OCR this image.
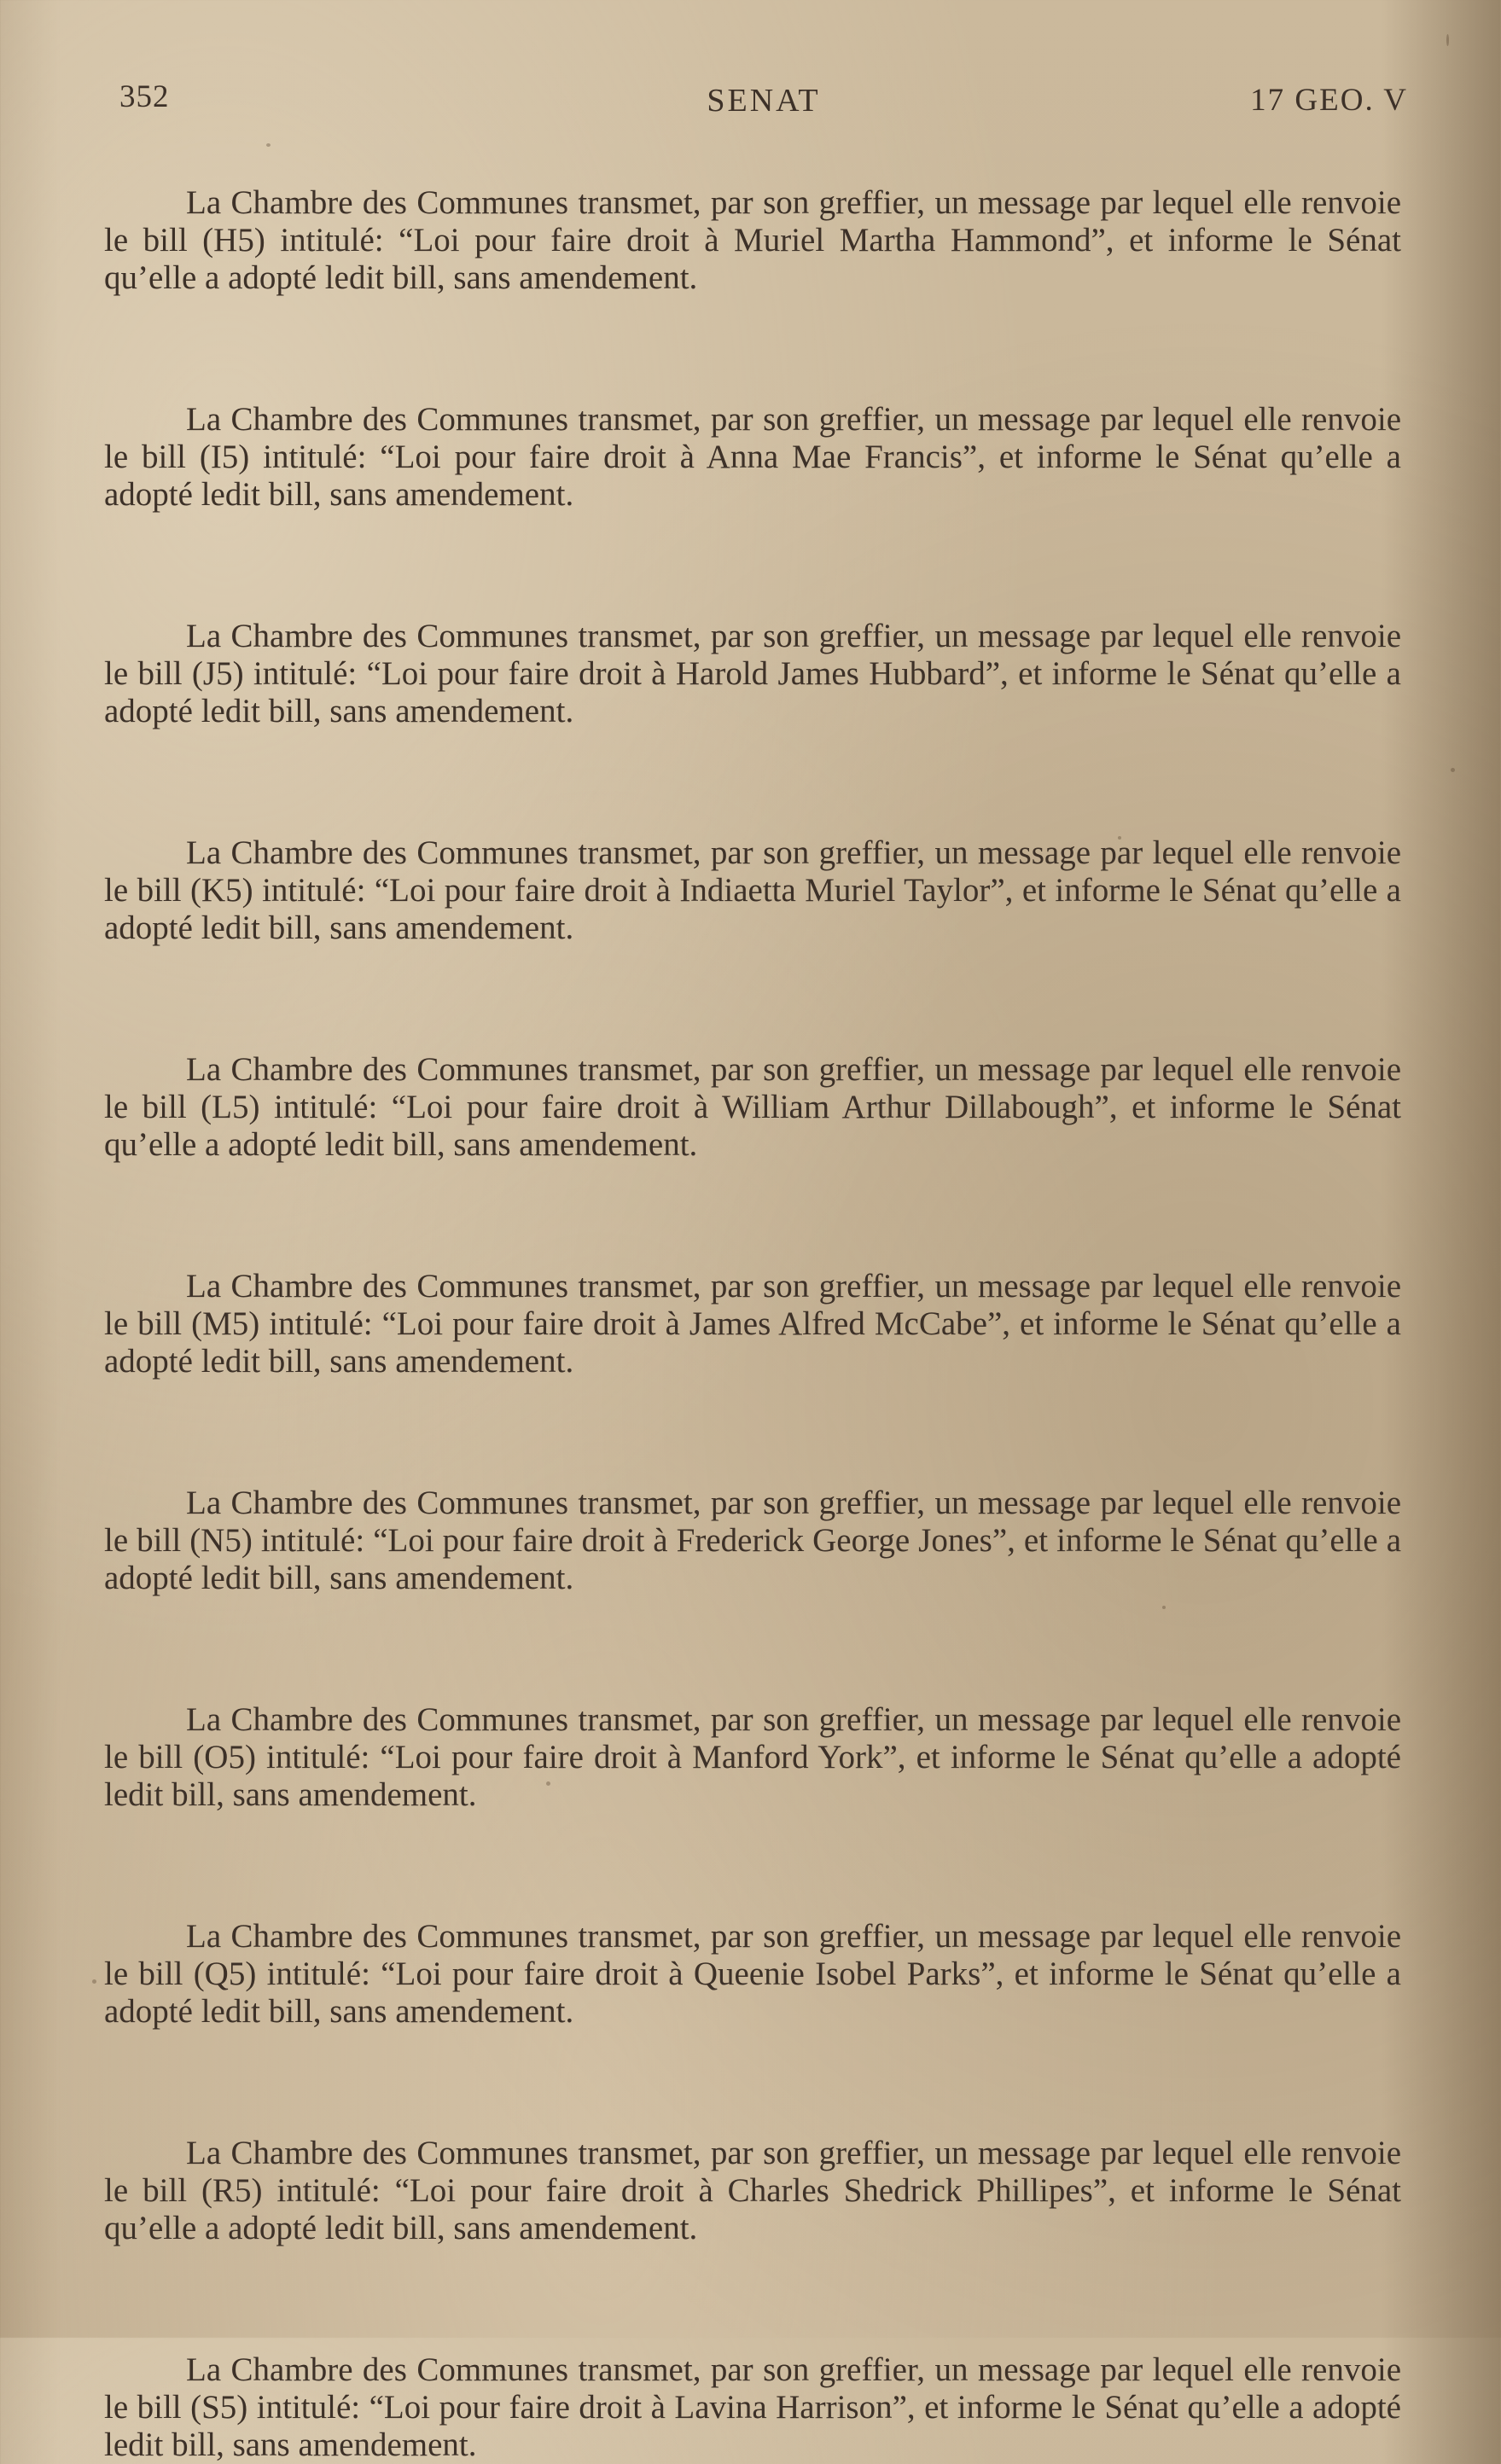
352	SENAT	17 GEO. V

La Chambre des Communes transmet, par son greffier, un message par lequel elle renvoie le bill (H5) intitulé: “Loi pour faire droit à Muriel Martha Hammond”, et informe le Sénat qu’elle a adopté ledit bill, sans amendement.

La Chambre des Communes transmet, par son greffier, un message par lequel elle renvoie le bill (I5) intitulé: “Loi pour faire droit à Anna Mae Francis”, et informe le Sénat qu’elle a adopté ledit bill, sans amendement.

La Chambre des Communes transmet, par son greffier, un message par lequel elle renvoie le bill (J5) intitulé: “Loi pour faire droit à Harold James Hubbard”, et informe le Sénat qu’elle a adopté ledit bill, sans amendement.

La Chambre des Communes transmet, par son greffier, un message par lequel elle renvoie le bill (K5) intitulé: “Loi pour faire droit à Indiaetta Muriel Taylor”, et informe le Sénat qu’elle a adopté ledit bill, sans amendement.

La Chambre des Communes transmet, par son greffier, un message par lequel elle renvoie le bill (L5) intitulé: “Loi pour faire droit à William Arthur Dillabough”, et informe le Sénat qu’elle a adopté ledit bill, sans amendement.

La Chambre des Communes transmet, par son greffier, un message par lequel elle renvoie le bill (M5) intitulé: “Loi pour faire droit à James Alfred McCabe”, et informe le Sénat qu’elle a adopté ledit bill, sans amendement.

La Chambre des Communes transmet, par son greffier, un message par lequel elle renvoie le bill (N5) intitulé: “Loi pour faire droit à Frederick George Jones”, et informe le Sénat qu’elle a adopté ledit bill, sans amendement.

La Chambre des Communes transmet, par son greffier, un message par lequel elle renvoie le bill (O5) intitulé: “Loi pour faire droit à Manford York”, et informe le Sénat qu’elle a adopté ledit bill, sans amendement.

La Chambre des Communes transmet, par son greffier, un message par lequel elle renvoie le bill (Q5) intitulé: “Loi pour faire droit à Queenie Isobel Parks”, et informe le Sénat qu’elle a adopté ledit bill, sans amendement.

La Chambre des Communes transmet, par son greffier, un message par lequel elle renvoie le bill (R5) intitulé: “Loi pour faire droit à Charles Shedrick Phillipes”, et informe le Sénat qu’elle a adopté ledit bill, sans amendement.

La Chambre des Communes transmet, par son greffier, un message par lequel elle renvoie le bill (S5) intitulé: “Loi pour faire droit à Lavina Harrison”, et informe le Sénat qu’elle a adopté ledit bill, sans amendement.
